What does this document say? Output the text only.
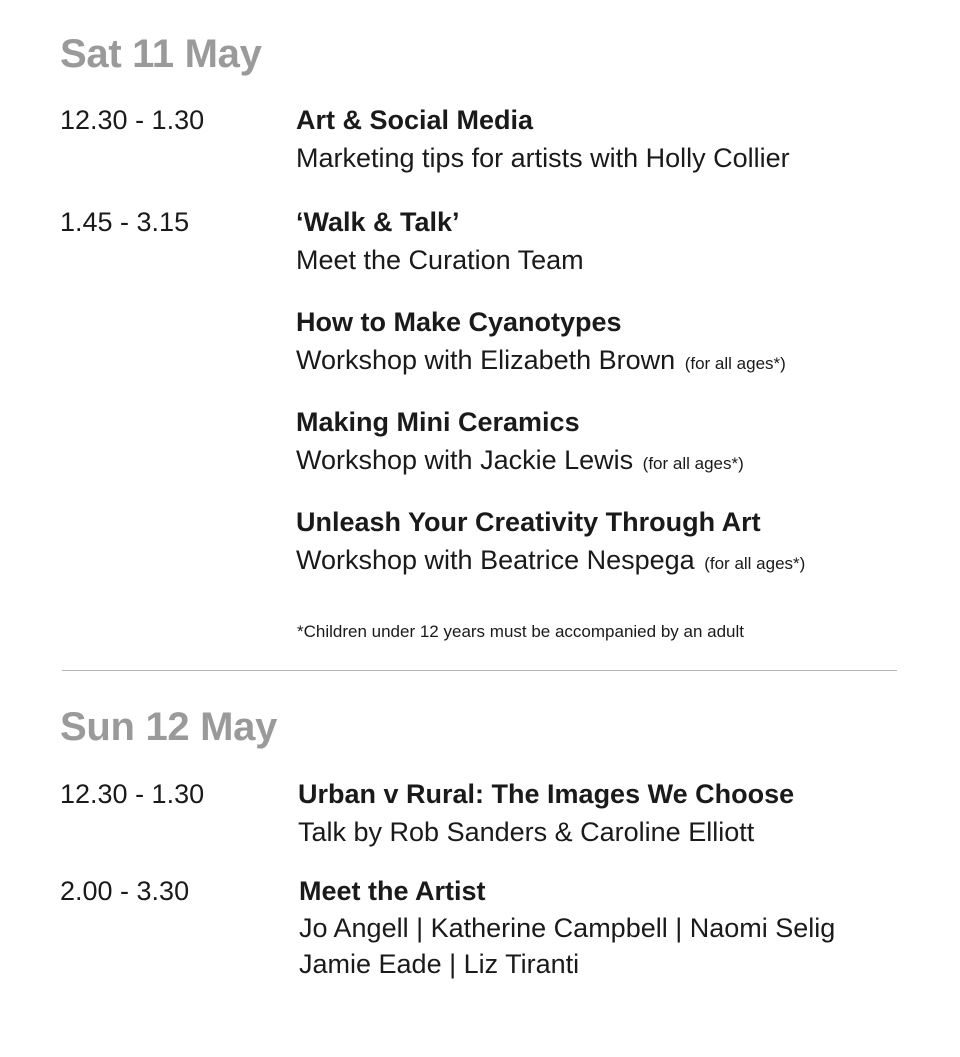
Sat 11 May
12.30 - 1.30	Art & Social Media
Marketing tips for artists with Holly Collier
1.45 - 3.15	‘Walk & Talk’
Meet the Curation Team
How to Make Cyanotypes
Workshop with Elizabeth Brown (for all ages*)
Making Mini Ceramics
Workshop with Jackie Lewis (for all ages*)
Unleash Your Creativity Through Art
Workshop with Beatrice Nespega (for all ages*)
*Children under 12 years must be accompanied by an adult
Sun 12 May
12.30 - 1.30	Urban v Rural: The Images We Choose
Talk by Rob Sanders & Caroline Elliott
2.00 - 3.30	Meet the Artist
Jo Angell | Katherine Campbell | Naomi Selig
Jamie Eade | Liz Tiranti
